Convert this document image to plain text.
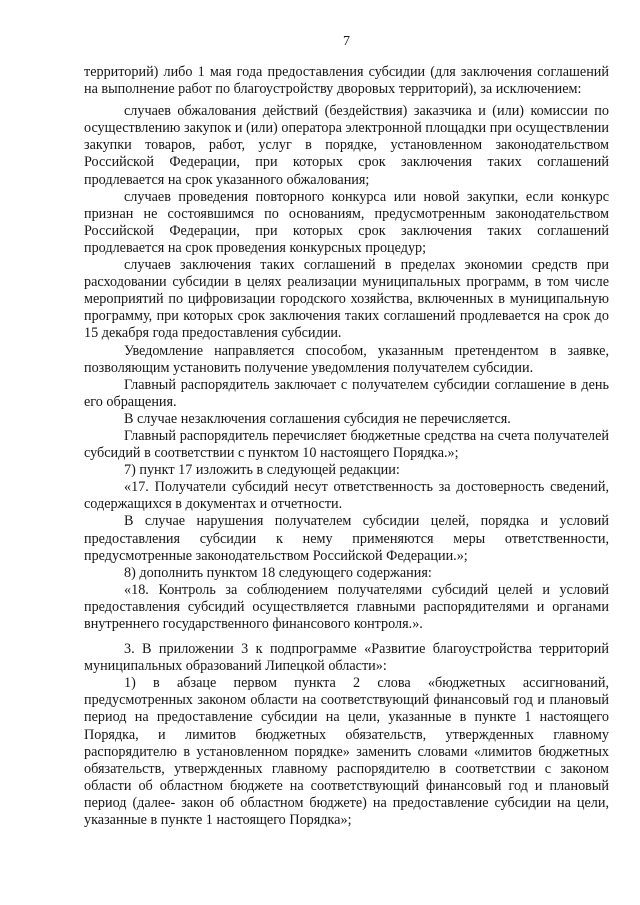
7

территорий) либо 1 мая года предоставления субсидии (для заключения соглашений на выполнение работ по благоустройству дворовых территорий), за исключением:

случаев обжалования действий (бездействия) заказчика и (или) комиссии по осуществлению закупок и (или) оператора электронной площадки при осуществлении закупки товаров, работ, услуг в порядке, установленном законодательством Российской Федерации, при которых срок заключения таких соглашений продлевается на срок указанного обжалования;

случаев проведения повторного конкурса или новой закупки, если конкурс признан не состоявшимся по основаниям, предусмотренным законодательством Российской Федерации, при которых срок заключения таких соглашений продлевается на срок проведения конкурсных процедур;

случаев заключения таких соглашений в пределах экономии средств при расходовании субсидии в целях реализации муниципальных программ, в том числе мероприятий по цифровизации городского хозяйства, включенных в муниципальную программу, при которых срок заключения таких соглашений продлевается на срок до 15 декабря года предоставления субсидии.

Уведомление направляется способом, указанным претендентом в заявке, позволяющим установить получение уведомления получателем субсидии.

Главный распорядитель заключает с получателем субсидии соглашение в день его обращения.

В случае незаключения соглашения субсидия не перечисляется.

Главный распорядитель перечисляет бюджетные средства на счета получателей субсидий в соответствии с пунктом 10 настоящего Порядка.»;

7) пункт 17 изложить в следующей редакции:

«17. Получатели субсидий несут ответственность за достоверность сведений, содержащихся в документах и отчетности.

В случае нарушения получателем субсидии целей, порядка и условий предоставления субсидии к нему применяются меры ответственности, предусмотренные законодательством Российской Федерации.»;

8) дополнить пунктом 18 следующего содержания:

«18. Контроль за соблюдением получателями субсидий целей и условий предоставления субсидий осуществляется главными распорядителями и органами внутреннего государственного финансового контроля.».

3. В приложении 3 к подпрограмме «Развитие благоустройства территорий муниципальных образований Липецкой области»:

1) в абзаце первом пункта 2 слова «бюджетных ассигнований, предусмотренных законом области на соответствующий финансовый год и плановый период на предоставление субсидии на цели, указанные в пункте 1 настоящего Порядка, и лимитов бюджетных обязательств, утвержденных главному распорядителю в установленном порядке» заменить словами «лимитов бюджетных обязательств, утвержденных главному распорядителю в соответствии с законом области об областном бюджете на соответствующий финансовый год и плановый период (далее- закон об областном бюджете) на предоставление субсидии на цели, указанные в пункте 1 настоящего Порядка»;
